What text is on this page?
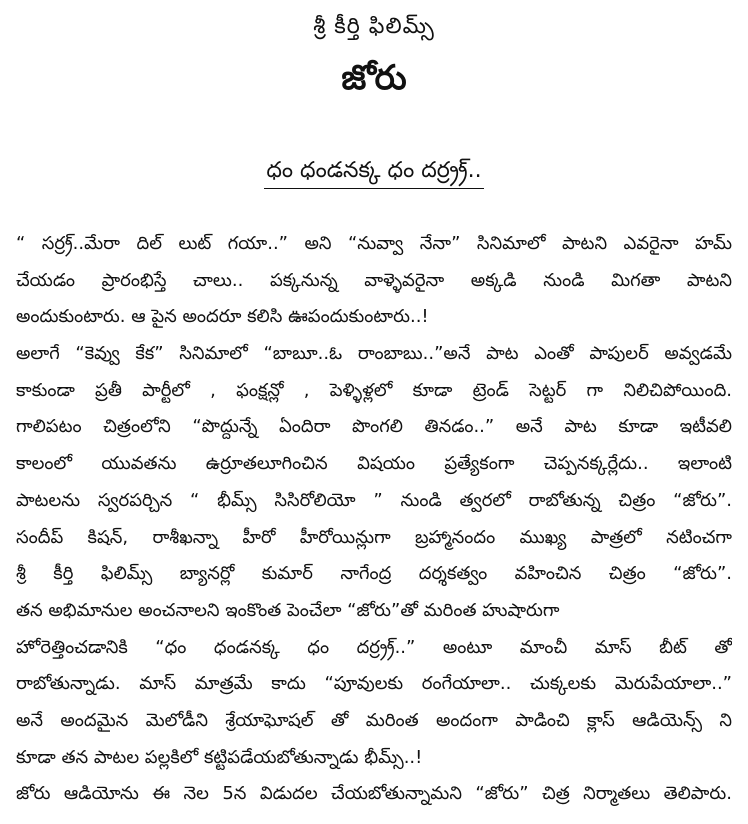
శ్రీ కీర్తి ఫిలిమ్స్
జోరు
ధం ధండనక్క ధం దర్ర్ర్ర్..
“ సర్ర్ర్..మేరా దిల్ లుట్ గయా..” అని “నువ్వా నేనా” సినిమాలో పాటని ఎవరైనా హమ్
చేయడం ప్రారంభిస్తే చాలు.. పక్కనున్న వాళ్ళెవరైనా అక్కడి నుండి మిగతా పాటని
అందుకుంటారు. ఆ పైన అందరూ కలిసి ఊపందుకుంటారు..!
అలాగే “కెవ్వు కేక” సినిమాలో “బాబూ..ఓ రాంబాబు..”అనే పాట ఎంతో పాపులర్ అవ్వడమే
కాకుండా ప్రతీ పార్టీలో , ఫంక్షన్లో , పెళ్ళిళ్లలో కూడా ట్రెండ్ సెట్టర్ గా నిలిచిపోయింది.
గాలిపటం చిత్రంలోని “పొద్దున్నే ఏందిరా పొంగలి తినడం..” అనే పాట కూడా ఇటీవలి
కాలంలో యువతను ఉర్రూతలూగించిన విషయం ప్రత్యేకంగా చెప్పనక్కర్లేదు.. ఇలాంటి
పాటలను స్వరపర్చిన “ భీమ్స్ సిసిరోలియో ” నుండి త్వరలో రాబోతున్న చిత్రం “జోరు”.
సందీప్ కిషన్, రాశీఖన్నా హీరో హీరోయిన్లుగా బ్రహ్మానందం ముఖ్య పాత్రలో నటించగా
శ్రీ కీర్తి ఫిలిమ్స్ బ్యానర్లో కుమార్ నాగేంద్ర దర్శకత్వం వహించిన చిత్రం “జోరు”.
తన అభిమానుల అంచనాలని ఇంకొంత పెంచేలా “జోరు”తో మరింత హుషారుగా
హోరెత్తించడానికి “ధం ధండనక్క ధం దర్ర్ర్ర్..” అంటూ మాంచీ మాస్ బీట్ తో
రాబోతున్నాడు. మాస్ మాత్రమే కాదు “పూవులకు రంగేయాలా.. చుక్కలకు మెరుపేయాలా..”
అనే అందమైన మెలోడీని శ్రేయాఘోషల్ తో మరింత అందంగా పాడించి క్లాస్ ఆడియెన్స్ ని
కూడా తన పాటల పల్లకిలో కట్టిపడేయబోతున్నాడు భీమ్స్..!
జోరు ఆడియోను ఈ నెల 5న విడుదల చేయబోతున్నామని “జోరు” చిత్ర నిర్మాతలు తెలిపారు.
